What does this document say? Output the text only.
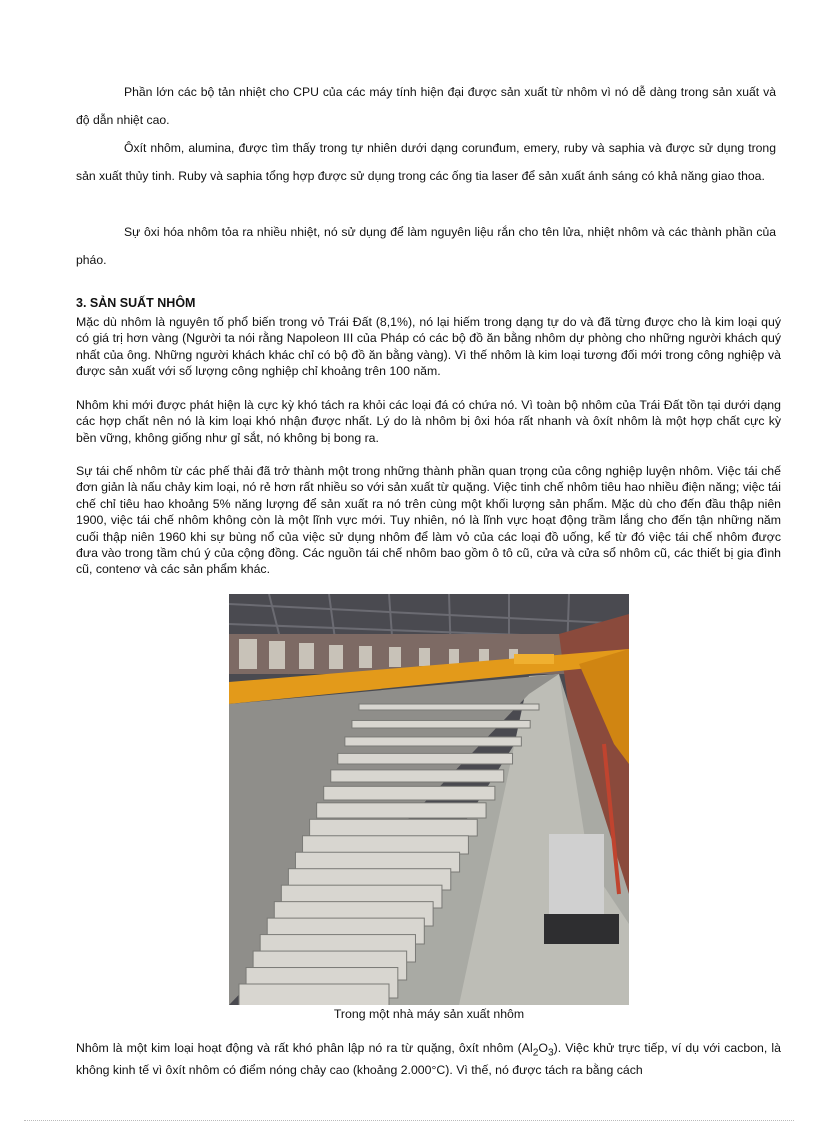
Phần lớn các bộ tản nhiệt cho CPU của các máy tính hiện đại được sản xuất từ nhôm vì nó dễ dàng trong sản xuất và độ dẫn nhiệt cao.

Ôxít nhôm, alumina, được tìm thấy trong tự nhiên dưới dạng corunđum, emery, ruby và saphia và được sử dụng trong sản xuất thủy tinh. Ruby và saphia tổng hợp được sử dụng trong các ống tia laser để sản xuất ánh sáng có khả năng giao thoa.

Sự ôxi hóa nhôm tỏa ra nhiều nhiệt, nó sử dụng để làm nguyên liệu rắn cho tên lửa, nhiệt nhôm và các thành phần của pháo.

3. SẢN SUẤT NHÔM

Mặc dù nhôm là nguyên tố phổ biến trong vỏ Trái Đất (8,1%), nó lại hiếm trong dạng tự do và đã từng được cho là kim loại quý có giá trị hơn vàng (Người ta nói rằng Napoleon III của Pháp có các bộ đồ ăn bằng nhôm dự phòng cho những người khách quý nhất của ông. Những người khách khác chỉ có bộ đồ ăn bằng vàng). Vì thế nhôm là kim loại tương đối mới trong công nghiệp và được sản xuất với số lượng công nghiệp chỉ khoảng trên 100 năm.

Nhôm khi mới được phát hiện là cực kỳ khó tách ra khỏi các loại đá có chứa nó. Vì toàn bộ nhôm của Trái Đất tồn tại dưới dạng các hợp chất nên nó là kim loại khó nhận được nhất. Lý do là nhôm bị ôxi hóa rất nhanh và ôxít nhôm là một hợp chất cực kỳ bền vững, không giống như gỉ sắt, nó không bị bong ra.

Sự tái chế nhôm từ các phế thải đã trở thành một trong những thành phần quan trọng của công nghiệp luyện nhôm. Việc tái chế đơn giản là nấu chảy kim loại, nó rẻ hơn rất nhiều so với sản xuất từ quặng. Việc tinh chế nhôm tiêu hao nhiều điện năng; việc tái chế chỉ tiêu hao khoảng 5% năng lượng để sản xuất ra nó trên cùng một khối lượng sản phẩm. Mặc dù cho đến đầu thập niên 1900, việc tái chế nhôm không còn là một lĩnh vực mới. Tuy nhiên, nó là lĩnh vực hoạt động trầm lắng cho đến tận những năm cuối thập niên 1960 khi sự bùng nổ của việc sử dụng nhôm để làm vỏ của các loại đồ uống, kể từ đó việc tái chế nhôm được đưa vào trong tầm chú ý của cộng đồng. Các nguồn tái chế nhôm bao gồm ô tô cũ, cửa và cửa sổ nhôm cũ, các thiết bị gia đình cũ, contenơ và các sản phẩm khác.

Trong một nhà máy sản xuất nhôm

Nhôm là một kim loại hoạt động và rất khó phân lập nó ra từ quặng, ôxít nhôm $(Al_2O_3)$. Việc khử trực tiếp, ví dụ với cacbon, là không kinh tế vì ôxít nhôm có điểm nóng chảy cao (khoảng 2.000°C). Vì thế, nó được tách ra bằng cách
